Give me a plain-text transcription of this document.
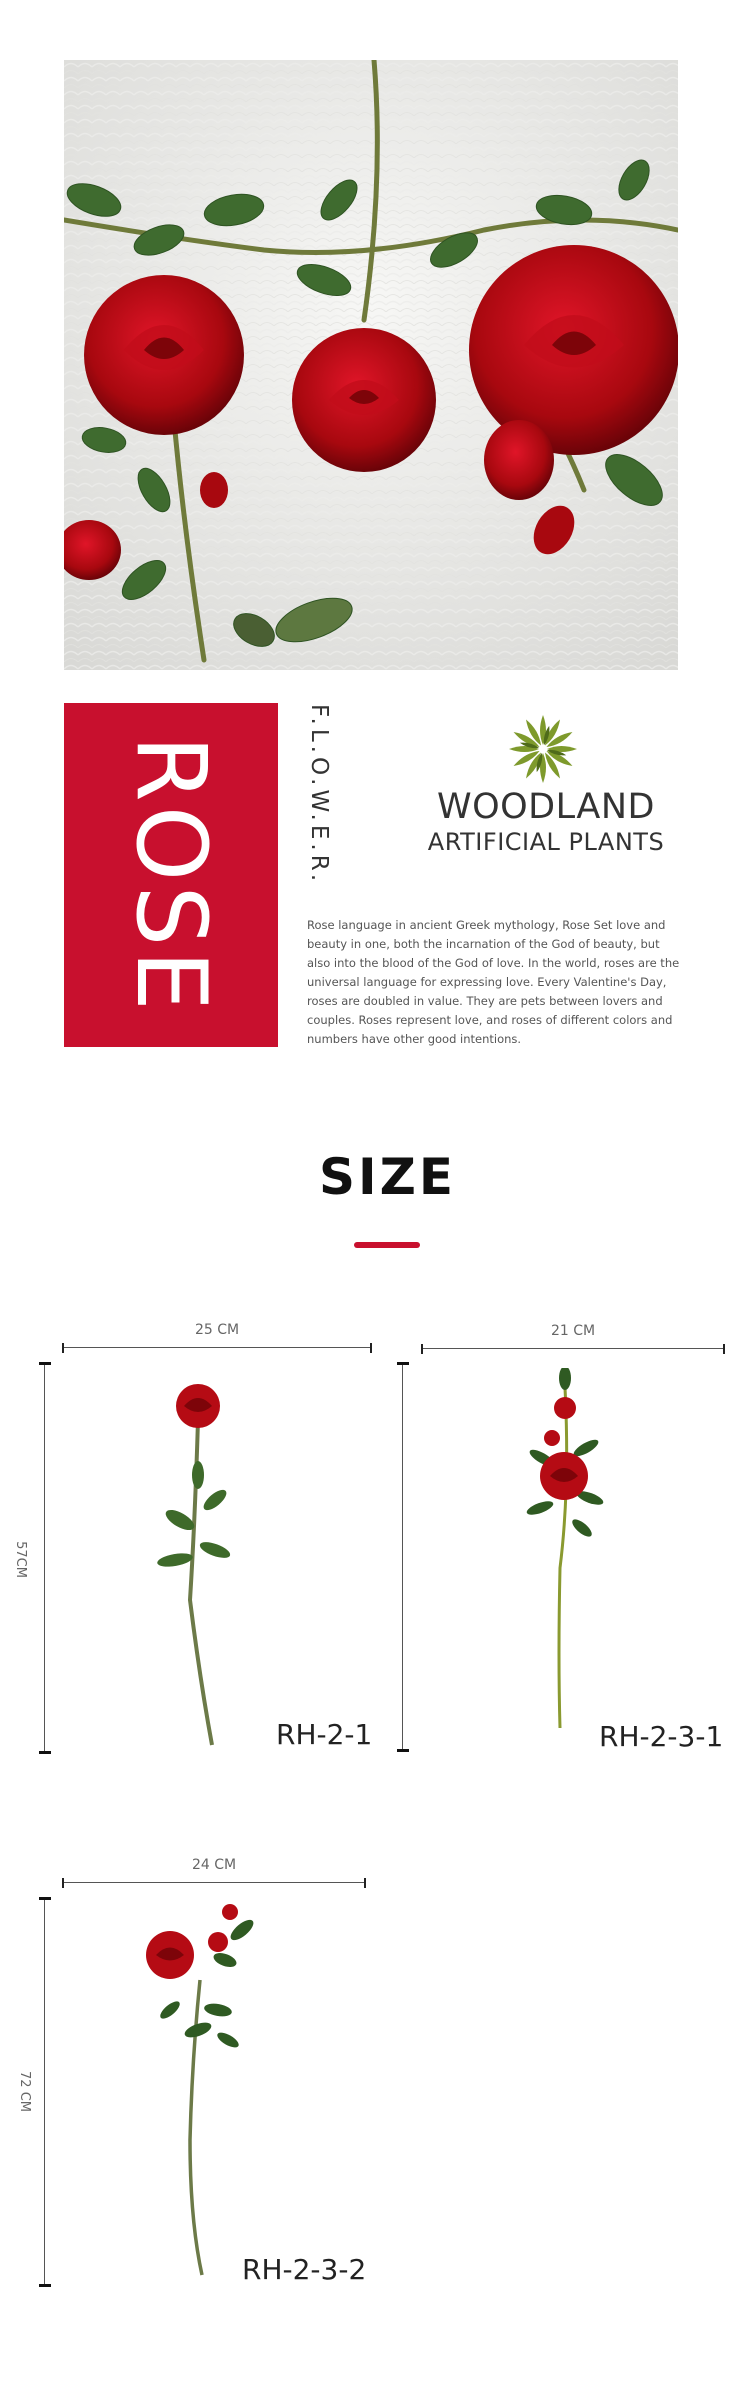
ROSE	F.L.O.W.E.R.	WOODLAND
ARTIFICIAL PLANTS
Rose language in ancient Greek mythology, Rose Set love and
beauty in one, both the incarnation of the God of beauty, but
also into the blood of the God of love. In the world, roses are the
universal language for expressing love. Every Valentine's Day,
roses are doubled in value. They are pets between lovers and
couples. Roses represent love, and roses of different colors and
numbers have other good intentions.
SIZE
25 CM
57CM
RH-2-1
21 CM
RH-2-3-1
24 CM
72 CM
RH-2-3-2
